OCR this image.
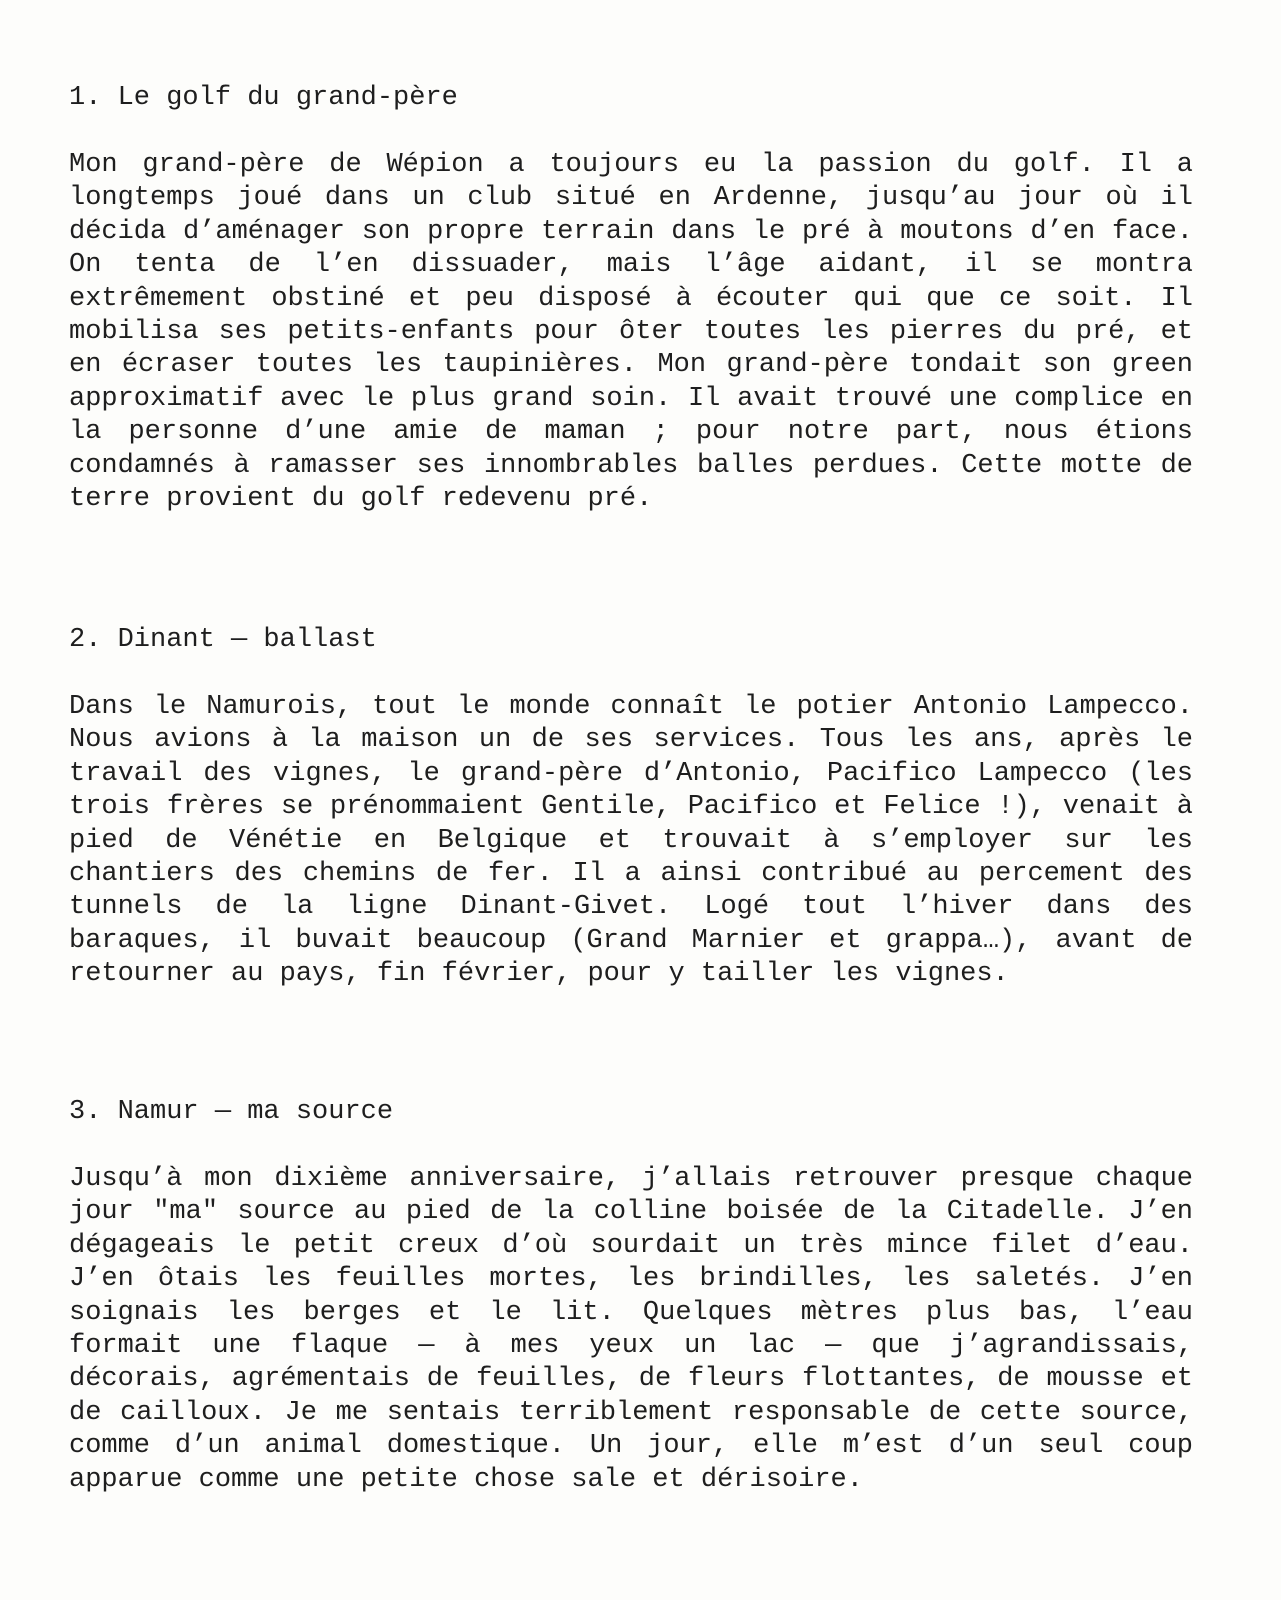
1. Le golf du grand-père

Mon grand-père de Wépion a toujours eu la passion du golf. Il a longtemps joué dans un club situé en Ardenne, jusqu’au jour où il décida d’aménager son propre terrain dans le pré à moutons d’en face. On tenta de l’en dissuader, mais l’âge aidant, il se montra extrêmement obstiné et peu disposé à écouter qui que ce soit. Il mobilisa ses petits-enfants pour ôter toutes les pierres du pré, et en écraser toutes les taupinières. Mon grand-père tondait son green approximatif avec le plus grand soin. Il avait trouvé une complice en la personne d’une amie de maman ; pour notre part, nous étions condamnés à ramasser ses innombrables balles perdues. Cette motte de terre provient du golf redevenu pré.

2. Dinant — ballast

Dans le Namurois, tout le monde connaît le potier Antonio Lampecco. Nous avions à la maison un de ses services. Tous les ans, après le travail des vignes, le grand-père d’Antonio, Pacifico Lampecco (les trois frères se prénommaient Gentile, Pacifico et Felice !), venait à pied de Vénétie en Belgique et trouvait à s’employer sur les chantiers des chemins de fer. Il a ainsi contribué au percement des tunnels de la ligne Dinant-Givet. Logé tout l’hiver dans des baraques, il buvait beaucoup (Grand Marnier et grappa…), avant de retourner au pays, fin février, pour y tailler les vignes.

3. Namur — ma source

Jusqu’à mon dixième anniversaire, j’allais retrouver presque chaque jour "ma" source au pied de la colline boisée de la Citadelle. J’en dégageais le petit creux d’où sourdait un très mince filet d’eau. J’en ôtais les feuilles mortes, les brindilles, les saletés. J’en soignais les berges et le lit. Quelques mètres plus bas, l’eau formait une flaque — à mes yeux un lac — que j’agrandissais, décorais, agrémentais de feuilles, de fleurs flottantes, de mousse et de cailloux. Je me sentais terriblement responsable de cette source, comme d’un animal domestique. Un jour, elle m’est d’un seul coup apparue comme une petite chose sale et dérisoire.
